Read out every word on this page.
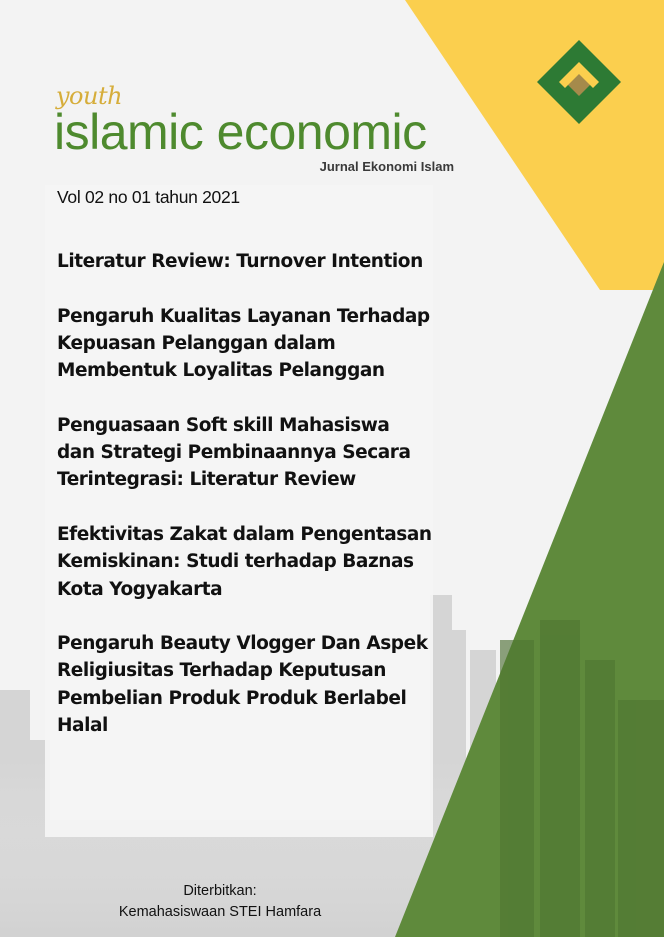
youth
islamic economic
Jurnal Ekonomi Islam
Vol 02 no 01 tahun 2021
Literatur Review: Turnover Intention
Pengaruh Kualitas Layanan Terhadap Kepuasan Pelanggan dalam Membentuk Loyalitas Pelanggan
Penguasaan Soft skill Mahasiswa dan Strategi Pembinaannya Secara Terintegrasi: Literatur Review
Efektivitas Zakat dalam Pengentasan Kemiskinan: Studi terhadap Baznas Kota Yogyakarta
Pengaruh Beauty Vlogger Dan Aspek Religiusitas Terhadap Keputusan Pembelian Produk Produk Berlabel Halal
Diterbitkan:
Kemahasiswaan STEI Hamfara
